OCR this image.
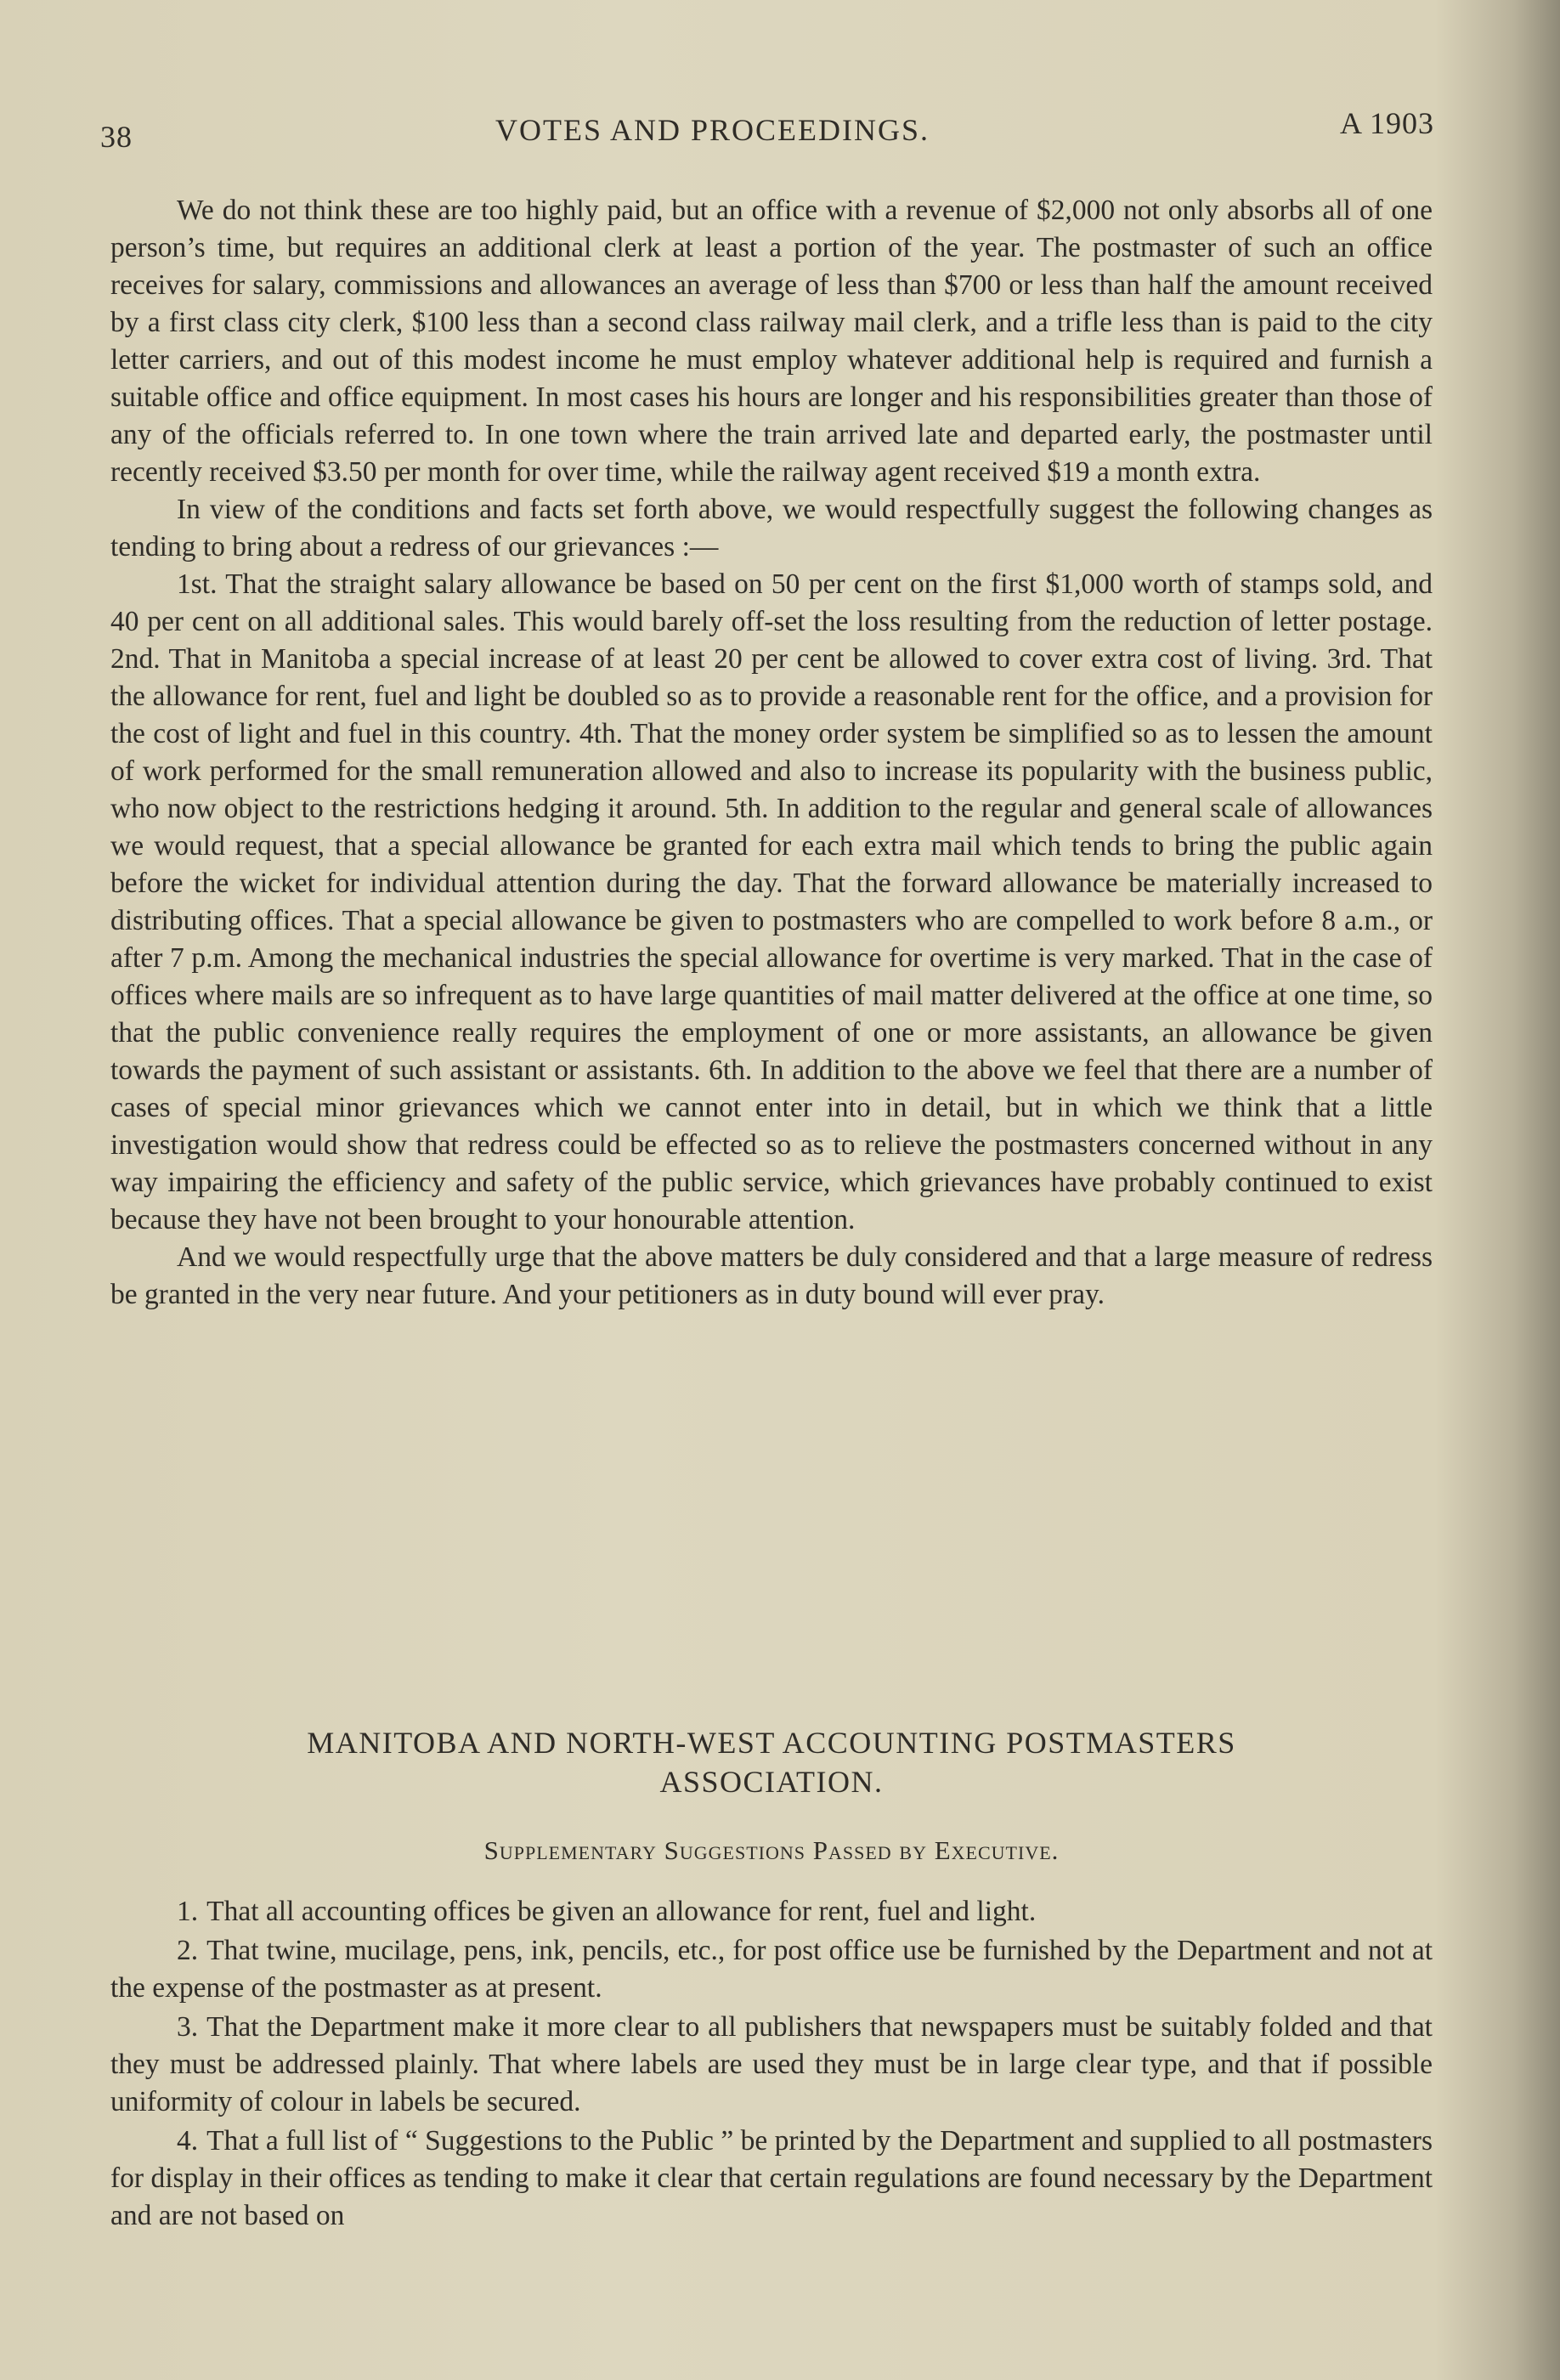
38	VOTES AND PROCEEDINGS.	A 1903

We do not think these are too highly paid, but an office with a revenue of $2,000 not only absorbs all of one person’s time, but requires an additional clerk at least a portion of the year. The postmaster of such an office receives for salary, commissions and allowances an average of less than $700 or less than half the amount received by a first class city clerk, $100 less than a second class railway mail clerk, and a trifle less than is paid to the city letter carriers, and out of this modest income he must employ whatever additional help is required and furnish a suitable office and office equipment. In most cases his hours are longer and his responsibilities greater than those of any of the officials referred to. In one town where the train arrived late and departed early, the postmaster until recently received $3.50 per month for over time, while the railway agent received $19 a month extra.

In view of the conditions and facts set forth above, we would respectfully suggest the following changes as tending to bring about a redress of our grievances :—

1st. That the straight salary allowance be based on 50 per cent on the first $1,000 worth of stamps sold, and 40 per cent on all additional sales. This would barely off-set the loss resulting from the reduction of letter postage. 2nd. That in Manitoba a special increase of at least 20 per cent be allowed to cover extra cost of living. 3rd. That the allowance for rent, fuel and light be doubled so as to provide a reasonable rent for the office, and a provision for the cost of light and fuel in this country. 4th. That the money order system be simplified so as to lessen the amount of work performed for the small remuneration allowed and also to increase its popularity with the business public, who now object to the restrictions hedging it around. 5th. In addition to the regular and general scale of allowances we would request, that a special allowance be granted for each extra mail which tends to bring the public again before the wicket for individual attention during the day. That the forward allowance be materially increased to distributing offices. That a special allowance be given to postmasters who are compelled to work before 8 a.m., or after 7 p.m. Among the mechanical industries the special allowance for overtime is very marked. That in the case of offices where mails are so infrequent as to have large quantities of mail matter delivered at the office at one time, so that the public convenience really requires the employment of one or more assistants, an allowance be given towards the payment of such assistant or assistants. 6th. In addition to the above we feel that there are a number of cases of special minor grievances which we cannot enter into in detail, but in which we think that a little investigation would show that redress could be effected so as to relieve the postmasters concerned without in any way impairing the efficiency and safety of the public service, which grievances have probably continued to exist because they have not been brought to your honourable attention.

And we would respectfully urge that the above matters be duly considered and that a large measure of redress be granted in the very near future. And your petitioners as in duty bound will ever pray.

MANITOBA AND NORTH-WEST ACCOUNTING POSTMASTERS
ASSOCIATION.
Supplementary Suggestions Passed by Executive.

1. That all accounting offices be given an allowance for rent, fuel and light.

2. That twine, mucilage, pens, ink, pencils, etc., for post office use be furnished by the Department and not at the expense of the postmaster as at present.

3. That the Department make it more clear to all publishers that newspapers must be suitably folded and that they must be addressed plainly. That where labels are used they must be in large clear type, and that if possible uniformity of colour in labels be secured.

4. That a full list of “ Suggestions to the Public ” be printed by the Department and supplied to all postmasters for display in their offices as tending to make it clear that certain regulations are found necessary by the Department and are not based on
